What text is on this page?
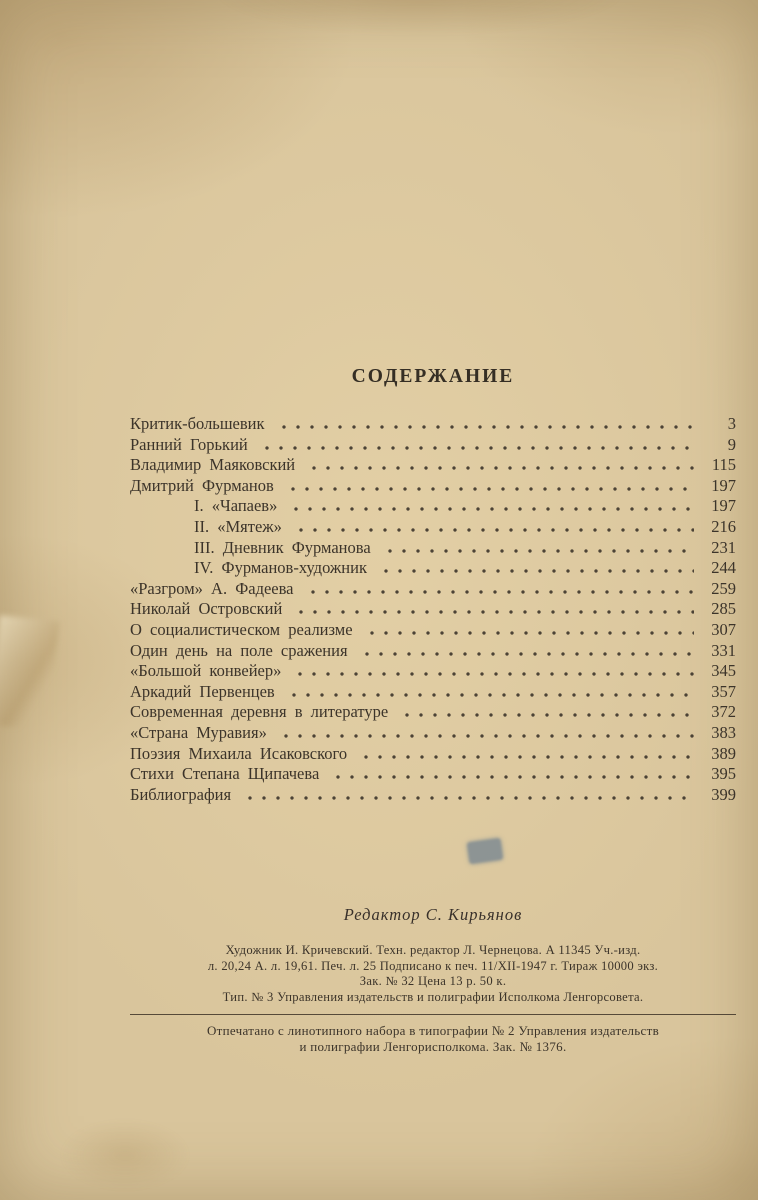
СОДЕРЖАНИЕ
Критик-большевик	3
Ранний Горький	9
Владимир Маяковский	115
Дмитрий Фурманов	197
I. «Чапаев»	197
II. «Мятеж»	216
III. Дневник Фурманова	231
IV. Фурманов-художник	244
«Разгром» А. Фадеева	259
Николай Островский	285
О социалистическом реализме	307
Один день на поле сражения	331
«Большой конвейер»	345
Аркадий Первенцев	357
Современная деревня в литературе	372
«Страна Муравия»	383
Поэзия Михаила Исаковского	389
Стихи Степана Щипачева	395
Библиография	399
Редактор С. Кирьянов
Художник И. Кричевский. Техн. редактор Л. Чернецова. А 11345 Уч.-изд.
л. 20,24 А. л. 19,61. Печ. л. 25 Подписано к печ. 11/XII-1947 г. Тираж 10000 экз.
Зак. № 32 Цена 13 р. 50 к.
Тип. № 3 Управления издательств и полиграфии Исполкома Ленгорсовета.
Отпечатано с линотипного набора в типографии № 2 Управления издательств
и полиграфии Ленгорисполкома. Зак. № 1376.
